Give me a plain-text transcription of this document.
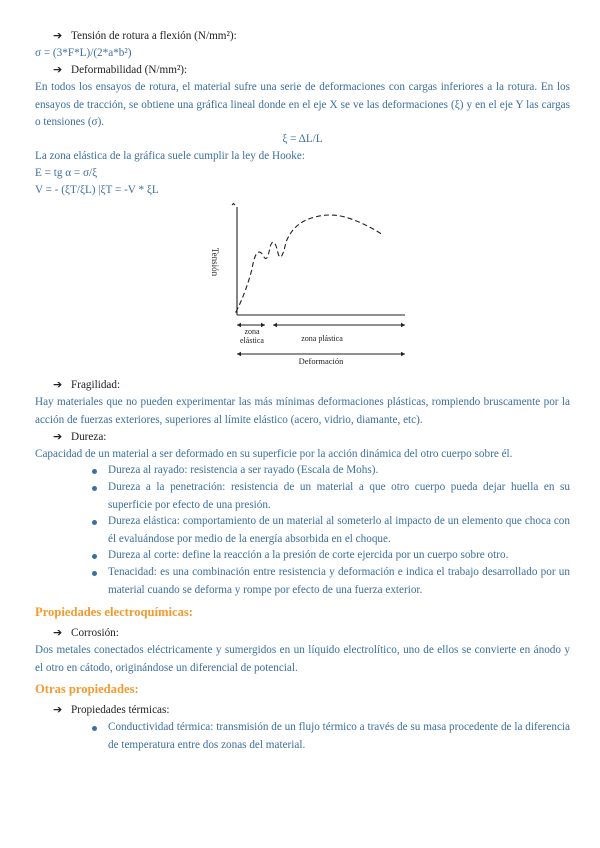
➔ Tensión de rotura a flexión (N/mm²):
σ = (3*F*L)/(2*a*b²)
➔ Deformabilidad (N/mm²):
En todos los ensayos de rotura, el material sufre una serie de deformaciones con cargas inferiores a la rotura. En los ensayos de tracción, se obtiene una gráfica lineal donde en el eje X se ve las deformaciones (ξ) y en el eje Y las cargas o tensiones (σ).
ξ = ΔL/L
La zona elástica de la gráfica suele cumplir la ley de Hooke:
E = tg α = σ/ξ
V = - (ξT/ξL) |ξT = -V * ξL
Tensión
zona
elástica	zona plástica
Deformación
➔ Fragilidad:
Hay materiales que no pueden experimentar las más mínimas deformaciones plásticas, rompiendo bruscamente por la acción de fuerzas exteriores, superiores al límite elástico (acero, vidrio, diamante, etc).
➔ Dureza:
Capacidad de un material a ser deformado en su superficie por la acción dinámica del otro cuerpo sobre él.
Dureza al rayado: resistencia a ser rayado (Escala de Mohs).
Dureza a la penetración: resistencia de un material a que otro cuerpo pueda dejar huella en su superficie por efecto de una presión.
Dureza elástica: comportamiento de un material al someterlo al impacto de un elemento que choca con él evaluándose por medio de la energía absorbida en el choque.
Dureza al corte: define la reacción a la presión de corte ejercida por un cuerpo sobre otro.
Tenacidad: es una combinación entre resistencia y deformación e indica el trabajo desarrollado por un material cuando se deforma y rompe por efecto de una fuerza exterior.
Propiedades electroquímicas:
➔ Corrosión:
Dos metales conectados eléctricamente y sumergidos en un líquido electrolítico, uno de ellos se convierte en ánodo y el otro en cátodo, originándose un diferencial de potencial.
Otras propiedades:
➔ Propiedades térmicas:
Conductividad térmica: transmisión de un flujo térmico a través de su masa procedente de la diferencia de temperatura entre dos zonas del material.
